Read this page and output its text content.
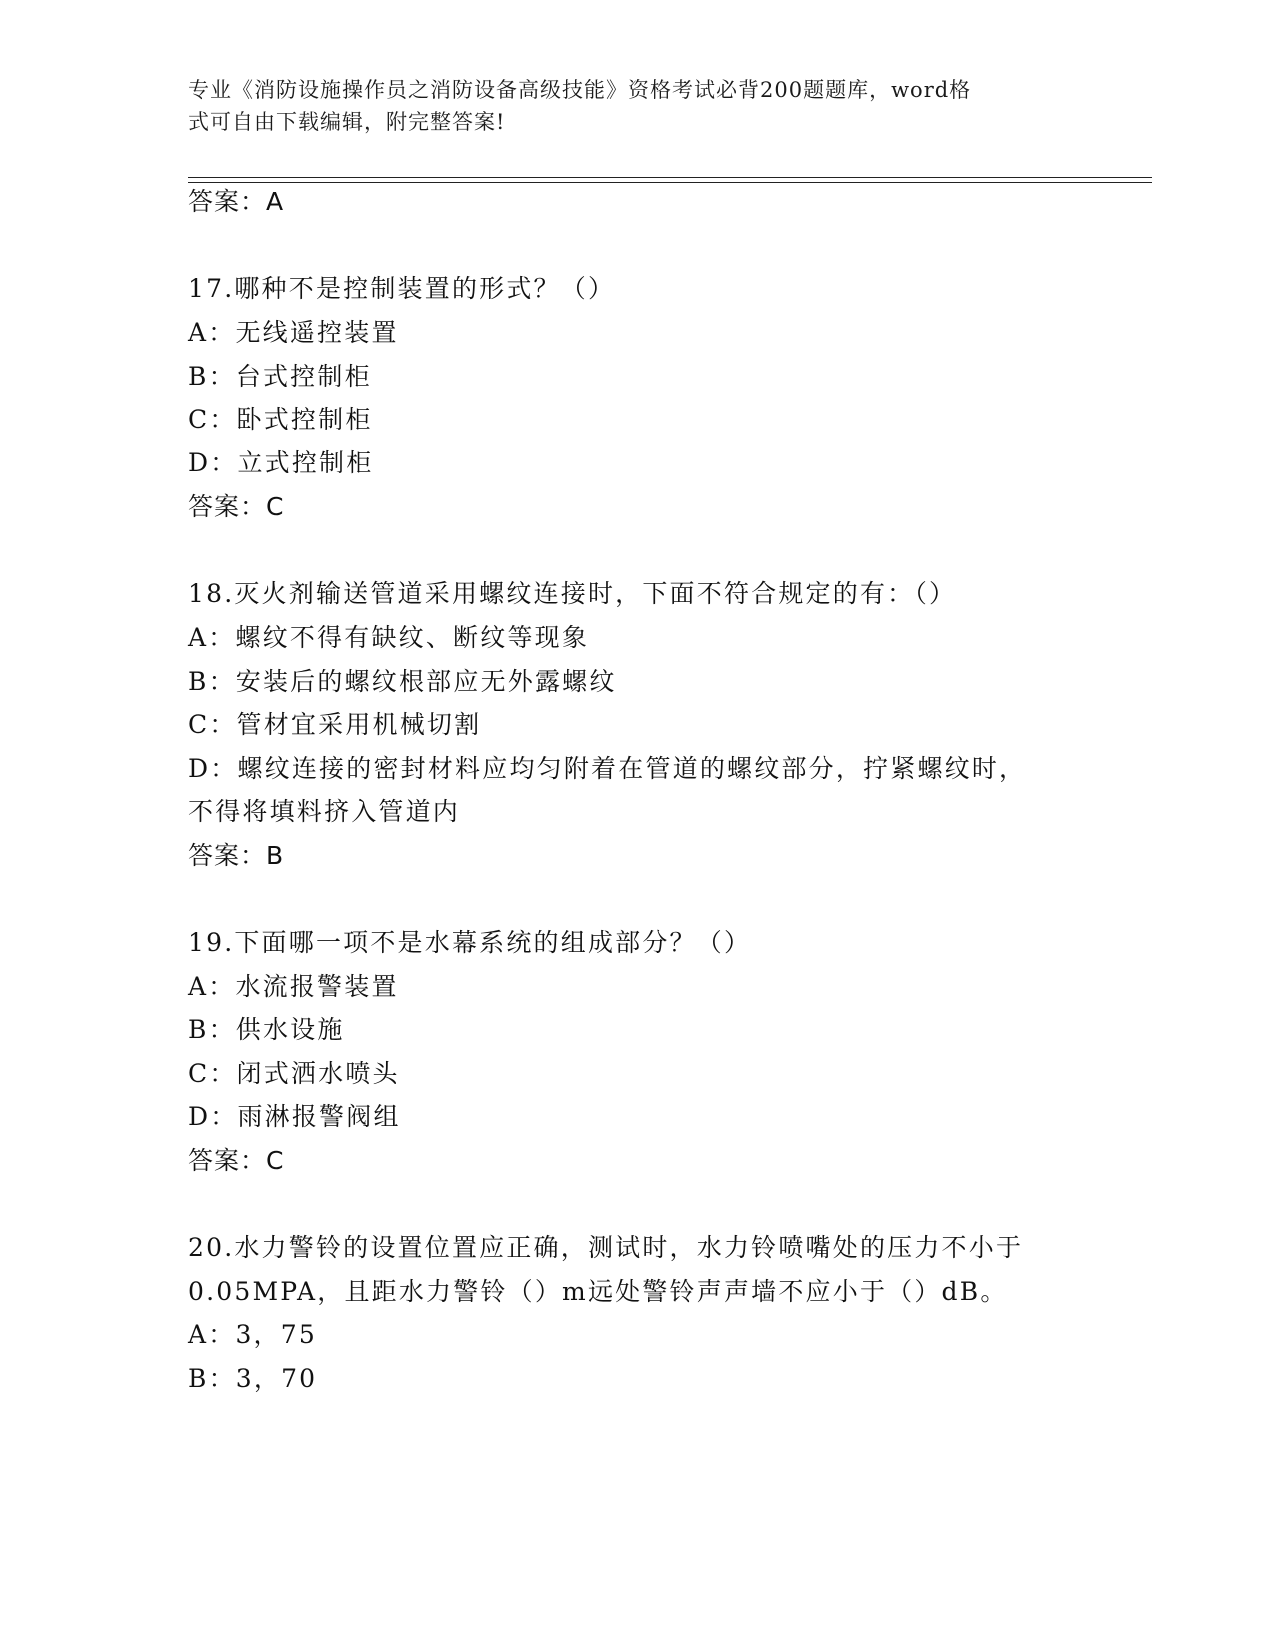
专业《消防设施操作员之消防设备高级技能》资格考试必背200题题库，word格
式可自由下载编辑，附完整答案!
答案：A
17.哪种不是控制装置的形式？（）
A：无线遥控装置
B：台式控制柜
C：卧式控制柜
D：立式控制柜
答案：C
18.灭火剂输送管道采用螺纹连接时，下面不符合规定的有：（）
A：螺纹不得有缺纹、断纹等现象
B：安装后的螺纹根部应无外露螺纹
C：管材宜采用机械切割
D：螺纹连接的密封材料应均匀附着在管道的螺纹部分，拧紧螺纹时，
不得将填料挤入管道内
答案：B
19.下面哪一项不是水幕系统的组成部分？（）
A：水流报警装置
B：供水设施
C：闭式洒水喷头
D：雨淋报警阀组
答案：C
20.水力警铃的设置位置应正确，测试时，水力铃喷嘴处的压力不小于
0.05MPA，且距水力警铃（）m远处警铃声声墙不应小于（）dB。
A：3，75
B：3，70
